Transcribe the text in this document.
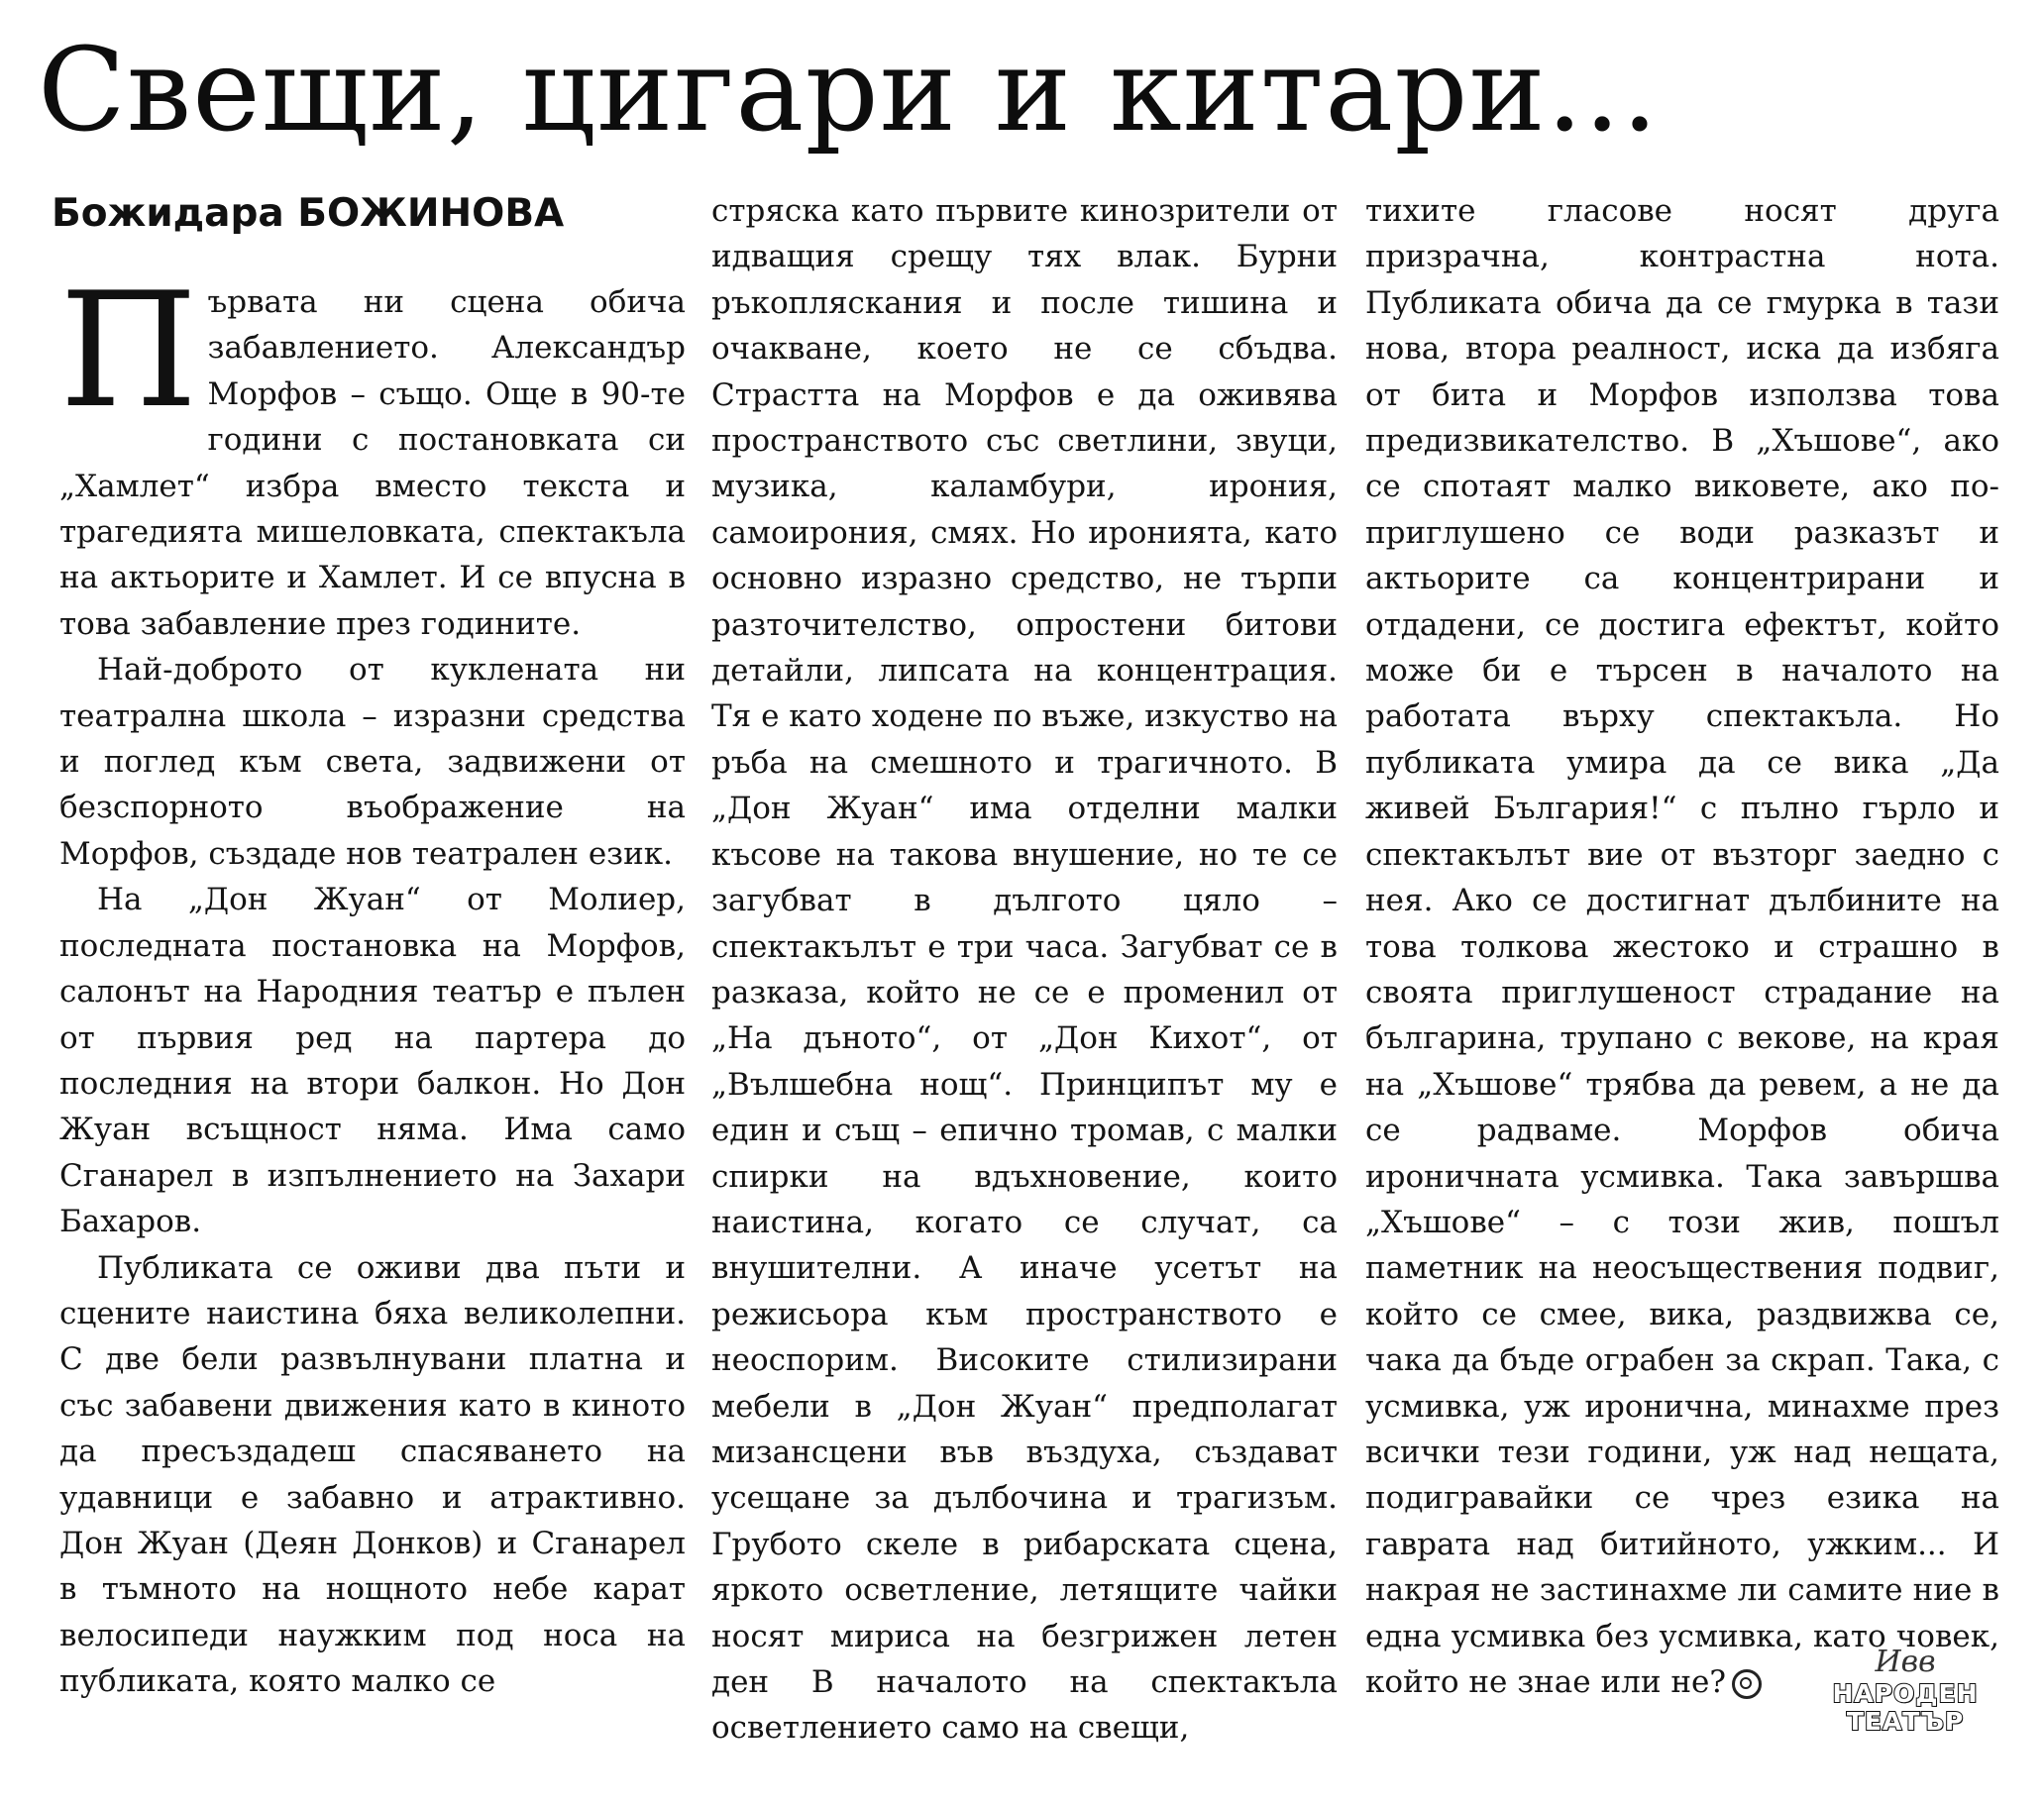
Свещи, цигари и китари...
Божидара БОЖИНОВА

Първата ни сцена обича забавлението. Александър Морфов – също. Още в 90-те години с постановката си „Хамлет“ избра вместо текста и трагедията мишеловката, спектакъла на актьорите и Хамлет. И се впусна в това забавление през годините.

Най-доброто от куклената ни театрална школа – изразни средства и поглед към света, задвижени от безспорното въображение на Морфов, създаде нов театрален език.

На „Дон Жуан“ от Молиер, последната постановка на Морфов, салонът на Народния театър е пълен от първия ред на партера до последния на втори балкон. Но Дон Жуан всъщност няма. Има само Сганарел в изпълнението на Захари Бахаров.

Публиката се оживи два пъти и сцените наистина бяха великолепни. С две бели развълнувани платна и със забавени движения като в киното да пресъздадеш спасяването на удавници е забавно и атрактивно. Дон Жуан (Деян Донков) и Сганарел в тъмното на нощното небе карат велосипеди наужким под носа на публиката, която малко се

стряска като първите кинозрители от идващия срещу тях влак. Бурни ръкопляскания и после тишина и очакване, което не се сбъдва. Страстта на Морфов е да оживява пространството със светлини, звуци, музика, каламбури, ирония, самоирония, смях. Но иронията, като основно изразно средство, не търпи разточителство, опростени битови детайли, липсата на концентрация. Тя е като ходене по въже, изкуство на ръба на смешното и трагичното. В „Дон Жуан“ има отделни малки късове на такова внушение, но те се загубват в дългото цяло – спектакълът е три часа. Загубват се в разказа, който не се е променил от „На дъното“, от „Дон Кихот“, от „Вълшебна нощ“. Принципът му е един и същ – епично тромав, с малки спирки на вдъхновение, които наистина, когато се случат, са внушителни. А иначе усетът на режисьора към пространството е неоспорим. Високите стилизирани мебели в „Дон Жуан“ предполагат мизансцени във въздуха, създават усещане за дълбочина и трагизъм. Грубото скеле в рибарската сцена, яркото осветление, летящите чайки носят мириса на безгрижен летен ден В началото на спектакъла осветлението само на свещи,

тихите гласове носят друга призрачна, контрастна нота. Публиката обича да се гмурка в тази нова, втора реалност, иска да избяга от бита и Морфов използва това предизвикателство. В „Хъшове“, ако се спотаят малко виковете, ако по-приглушено се води разказът и актьорите са концентрирани и отдадени, се достига ефектът, който може би е търсен в началото на работата върху спектакъла. Но публиката умира да се вика „Да живей България!“ с пълно гърло и спектакълът вие от възторг заедно с нея. Ако се достигнат дълбините на това толкова жестоко и страшно в своята приглушеност страдание на българина, трупано с векове, на края на „Хъшове“ трябва да ревем, а не да се радваме. Морфов обича ироничната усмивка. Така завършва „Хъшове“ – с този жив, пошъл паметник на неосъществения подвиг, който се смее, вика, раздвижва се, чака да бъде ограбен за скрап. Така, с усмивка, уж иронична, минахме през всички тези години, уж над нещата, подигравайки се чрез езика на гаврата над битийното, ужким... И накрая не застинахме ли самите ние в една усмивка без усмивка, като човек, който не знае или не?

Ивв
НАРОДЕН
ТЕАТЪР
